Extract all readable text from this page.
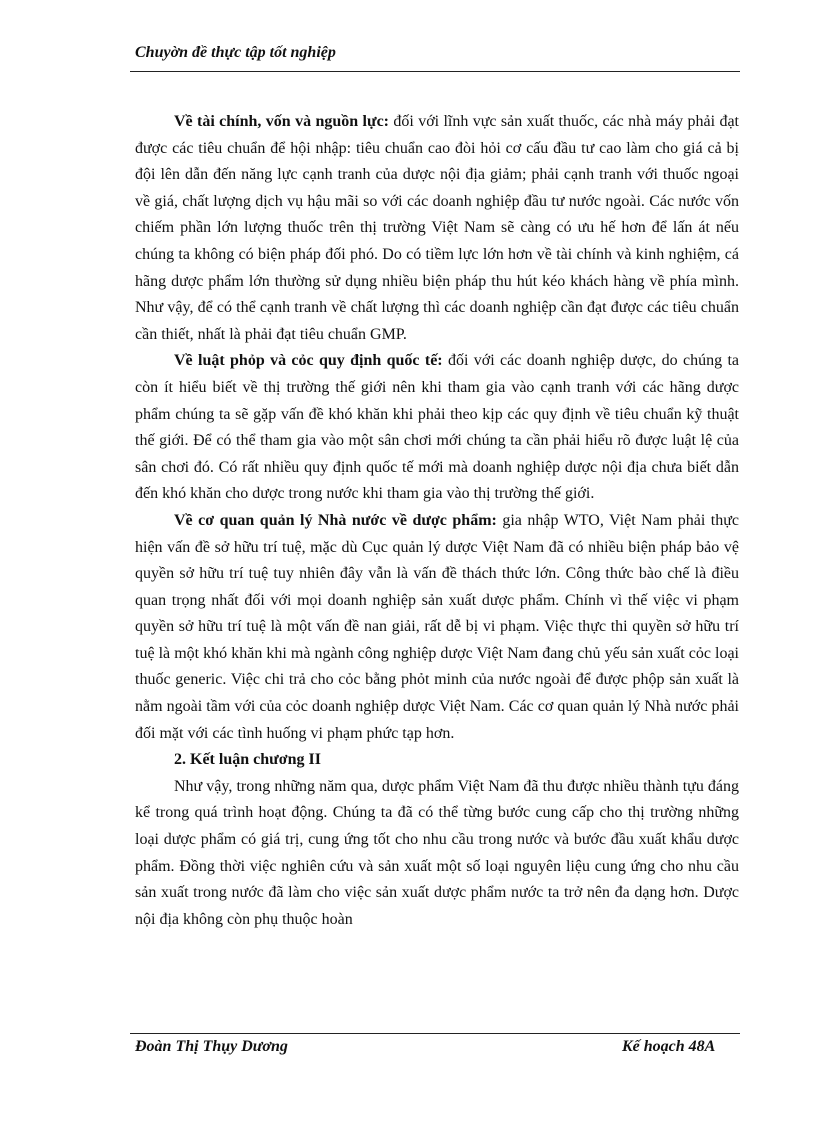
Chuyờn đề thực tập tốt nghiệp

Về tài chính, vốn và nguồn lực: đối với lĩnh vực sản xuất thuốc, các nhà máy phải đạt được các tiêu chuẩn để hội nhập: tiêu chuẩn cao đòi hỏi cơ cấu đầu tư cao làm cho giá cả bị đội lên dẫn đến năng lực cạnh tranh của dược nội địa giảm; phải cạnh tranh với thuốc ngoại về giá, chất lượng dịch vụ hậu mãi so với các doanh nghiệp đầu tư nước ngoài. Các nước vốn chiếm phần lớn lượng thuốc trên thị trường Việt Nam sẽ càng có ưu hế hơn để lấn át nếu chúng ta không có biện pháp đối phó. Do có tiềm lực lớn hơn về tài chính và kinh nghiệm, cá hãng dược phẩm lớn thường sử dụng nhiều biện pháp thu hút kéo khách hàng về phía mình. Như vậy, để có thể cạnh tranh về chất lượng thì các doanh nghiệp cần đạt được các tiêu chuẩn cần thiết, nhất là phải đạt tiêu chuẩn GMP.

Về luật phỏp và cỏc quy định quốc tế: đối với các doanh nghiệp dược, do chúng ta còn ít hiểu biết về thị trường thế giới nên khi tham gia vào cạnh tranh với các hãng dược phẩm chúng ta sẽ gặp vấn đề khó khăn khi phải theo kịp các quy định về tiêu chuẩn kỹ thuật thế giới. Để có thể tham gia vào một sân chơi mới chúng ta cần phải hiểu rõ được luật lệ của sân chơi đó. Có rất nhiều quy định quốc tế mới mà doanh nghiệp dược nội địa chưa biết dẫn đến khó khăn cho dược trong nước khi tham gia vào thị trường thế giới.

Về cơ quan quản lý Nhà nước về dược phẩm: gia nhập WTO, Việt Nam phải thực hiện vấn đề sở hữu trí tuệ, mặc dù Cục quản lý dược Việt Nam đã có nhiều biện pháp bảo vệ quyền sở hữu trí tuệ tuy nhiên đây vẫn là vấn đề thách thức lớn. Công thức bào chế là điều quan trọng nhất đối với mọi doanh nghiệp sản xuất dược phẩm. Chính vì thế việc vi phạm quyền sở hữu trí tuệ là một vấn đề nan giải, rất dễ bị vi phạm. Việc thực thi quyền sở hữu trí tuệ là một khó khăn khi mà ngành công nghiệp dược Việt Nam đang chủ yếu sản xuất cỏc loại thuốc generic. Việc chi trả cho cỏc bằng phỏt minh của nước ngoài để được phộp sản xuất là nằm ngoài tầm với của cỏc doanh nghiệp dược Việt Nam. Các cơ quan quản lý Nhà nước phải đối mặt với các tình huống vi phạm phức tạp hơn.

2. Kết luận chương II

Như vậy, trong những năm qua, dược phẩm Việt Nam đã thu được nhiều thành tựu đáng kể trong quá trình hoạt động. Chúng ta đã có thể từng bước cung cấp cho thị trường những loại dược phẩm có giá trị, cung ứng tốt cho nhu cầu trong nước và bước đầu xuất khẩu dược phẩm. Đồng thời việc nghiên cứu và sản xuất một số loại nguyên liệu cung ứng cho nhu cầu sản xuất trong nước đã làm cho việc sản xuất dược phẩm nước ta trở nên đa dạng hơn. Dược nội địa không còn phụ thuộc hoàn

Đoàn Thị Thụy Dương	Kế hoạch 48A
